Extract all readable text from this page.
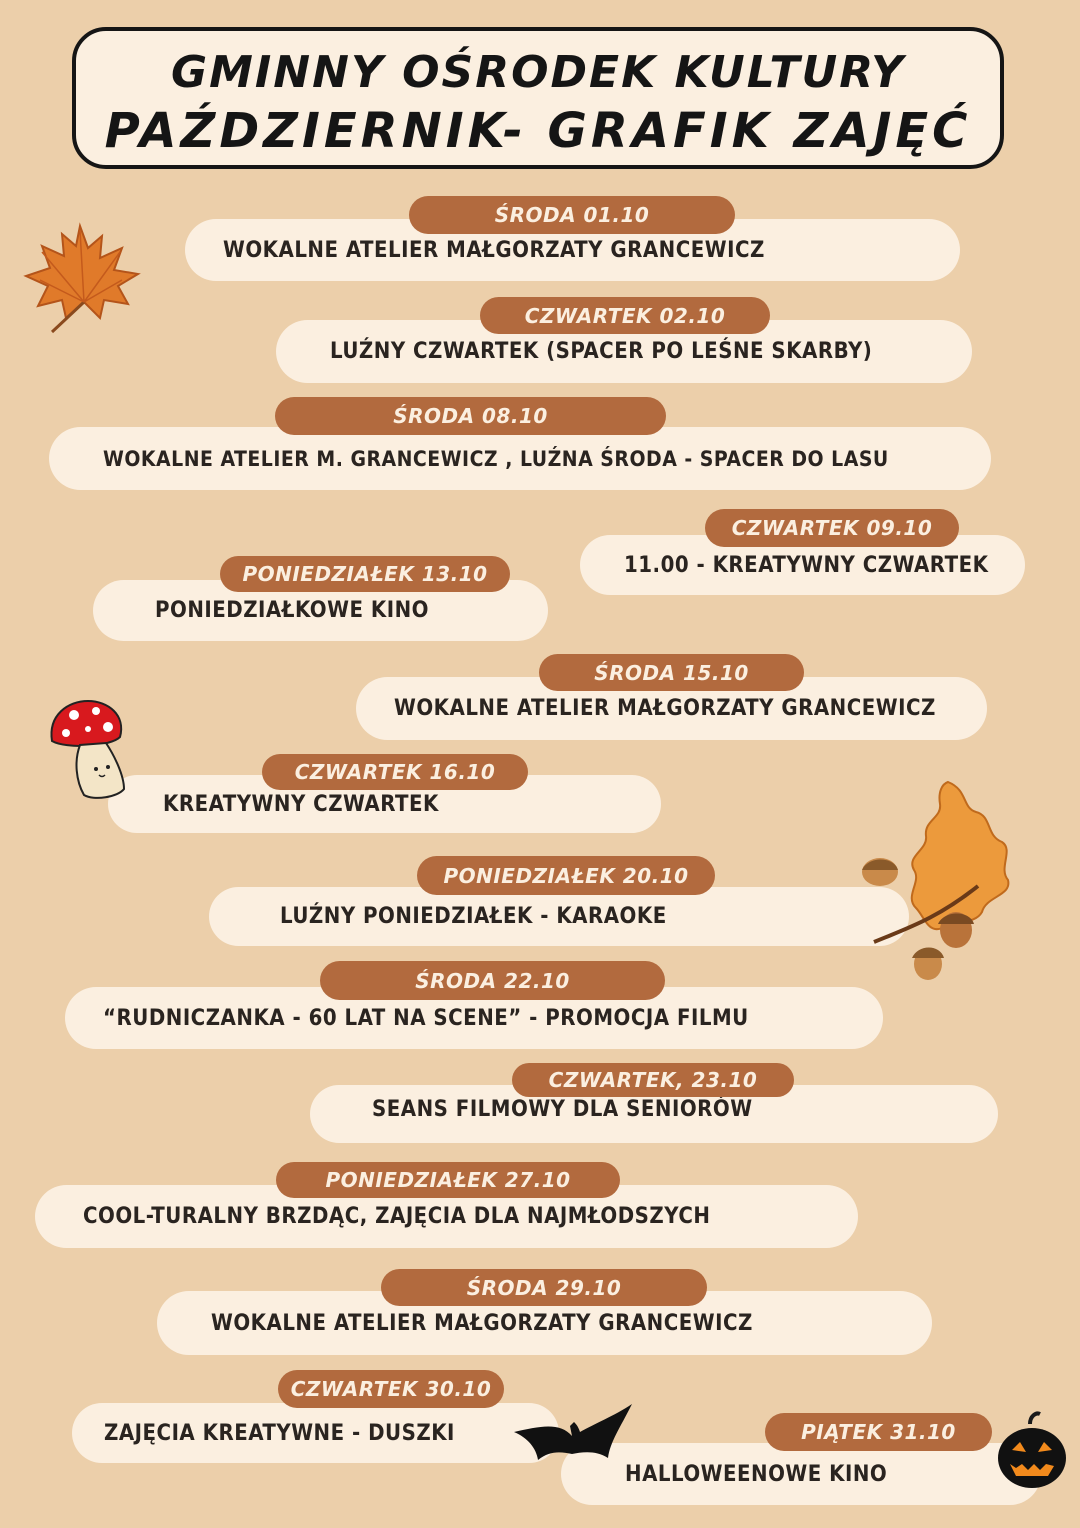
GMINNY OŚRODEK KULTURY
PAŹDZIERNIK- GRAFIK ZAJĘĆ
WOKALNE ATELIER MAŁGORZATY GRANCEWICZ
ŚRODA 01.10
LUŹNY CZWARTEK (SPACER PO LEŚNE SKARBY)
CZWARTEK 02.10
WOKALNE ATELIER M. GRANCEWICZ , LUŹNA ŚRODA - SPACER DO LASU
ŚRODA 08.10
11.00 - KREATYWNY CZWARTEK
CZWARTEK 09.10
PONIEDZIAŁKOWE KINO
PONIEDZIAŁEK 13.10
WOKALNE ATELIER MAŁGORZATY GRANCEWICZ
ŚRODA 15.10
KREATYWNY CZWARTEK
CZWARTEK 16.10
LUŹNY PONIEDZIAŁEK - KARAOKE
PONIEDZIAŁEK 20.10
“RUDNICZANKA - 60 LAT NA SCENE” - PROMOCJA FILMU
ŚRODA 22.10
SEANS FILMOWY DLA SENIORÓW
CZWARTEK, 23.10
COOL-TURALNY BRZDĄC, ZAJĘCIA DLA NAJMŁODSZYCH
PONIEDZIAŁEK 27.10
WOKALNE ATELIER MAŁGORZATY GRANCEWICZ
ŚRODA 29.10
ZAJĘCIA KREATYWNE - DUSZKI
CZWARTEK 30.10
HALLOWEENOWE KINO
PIĄTEK 31.10
